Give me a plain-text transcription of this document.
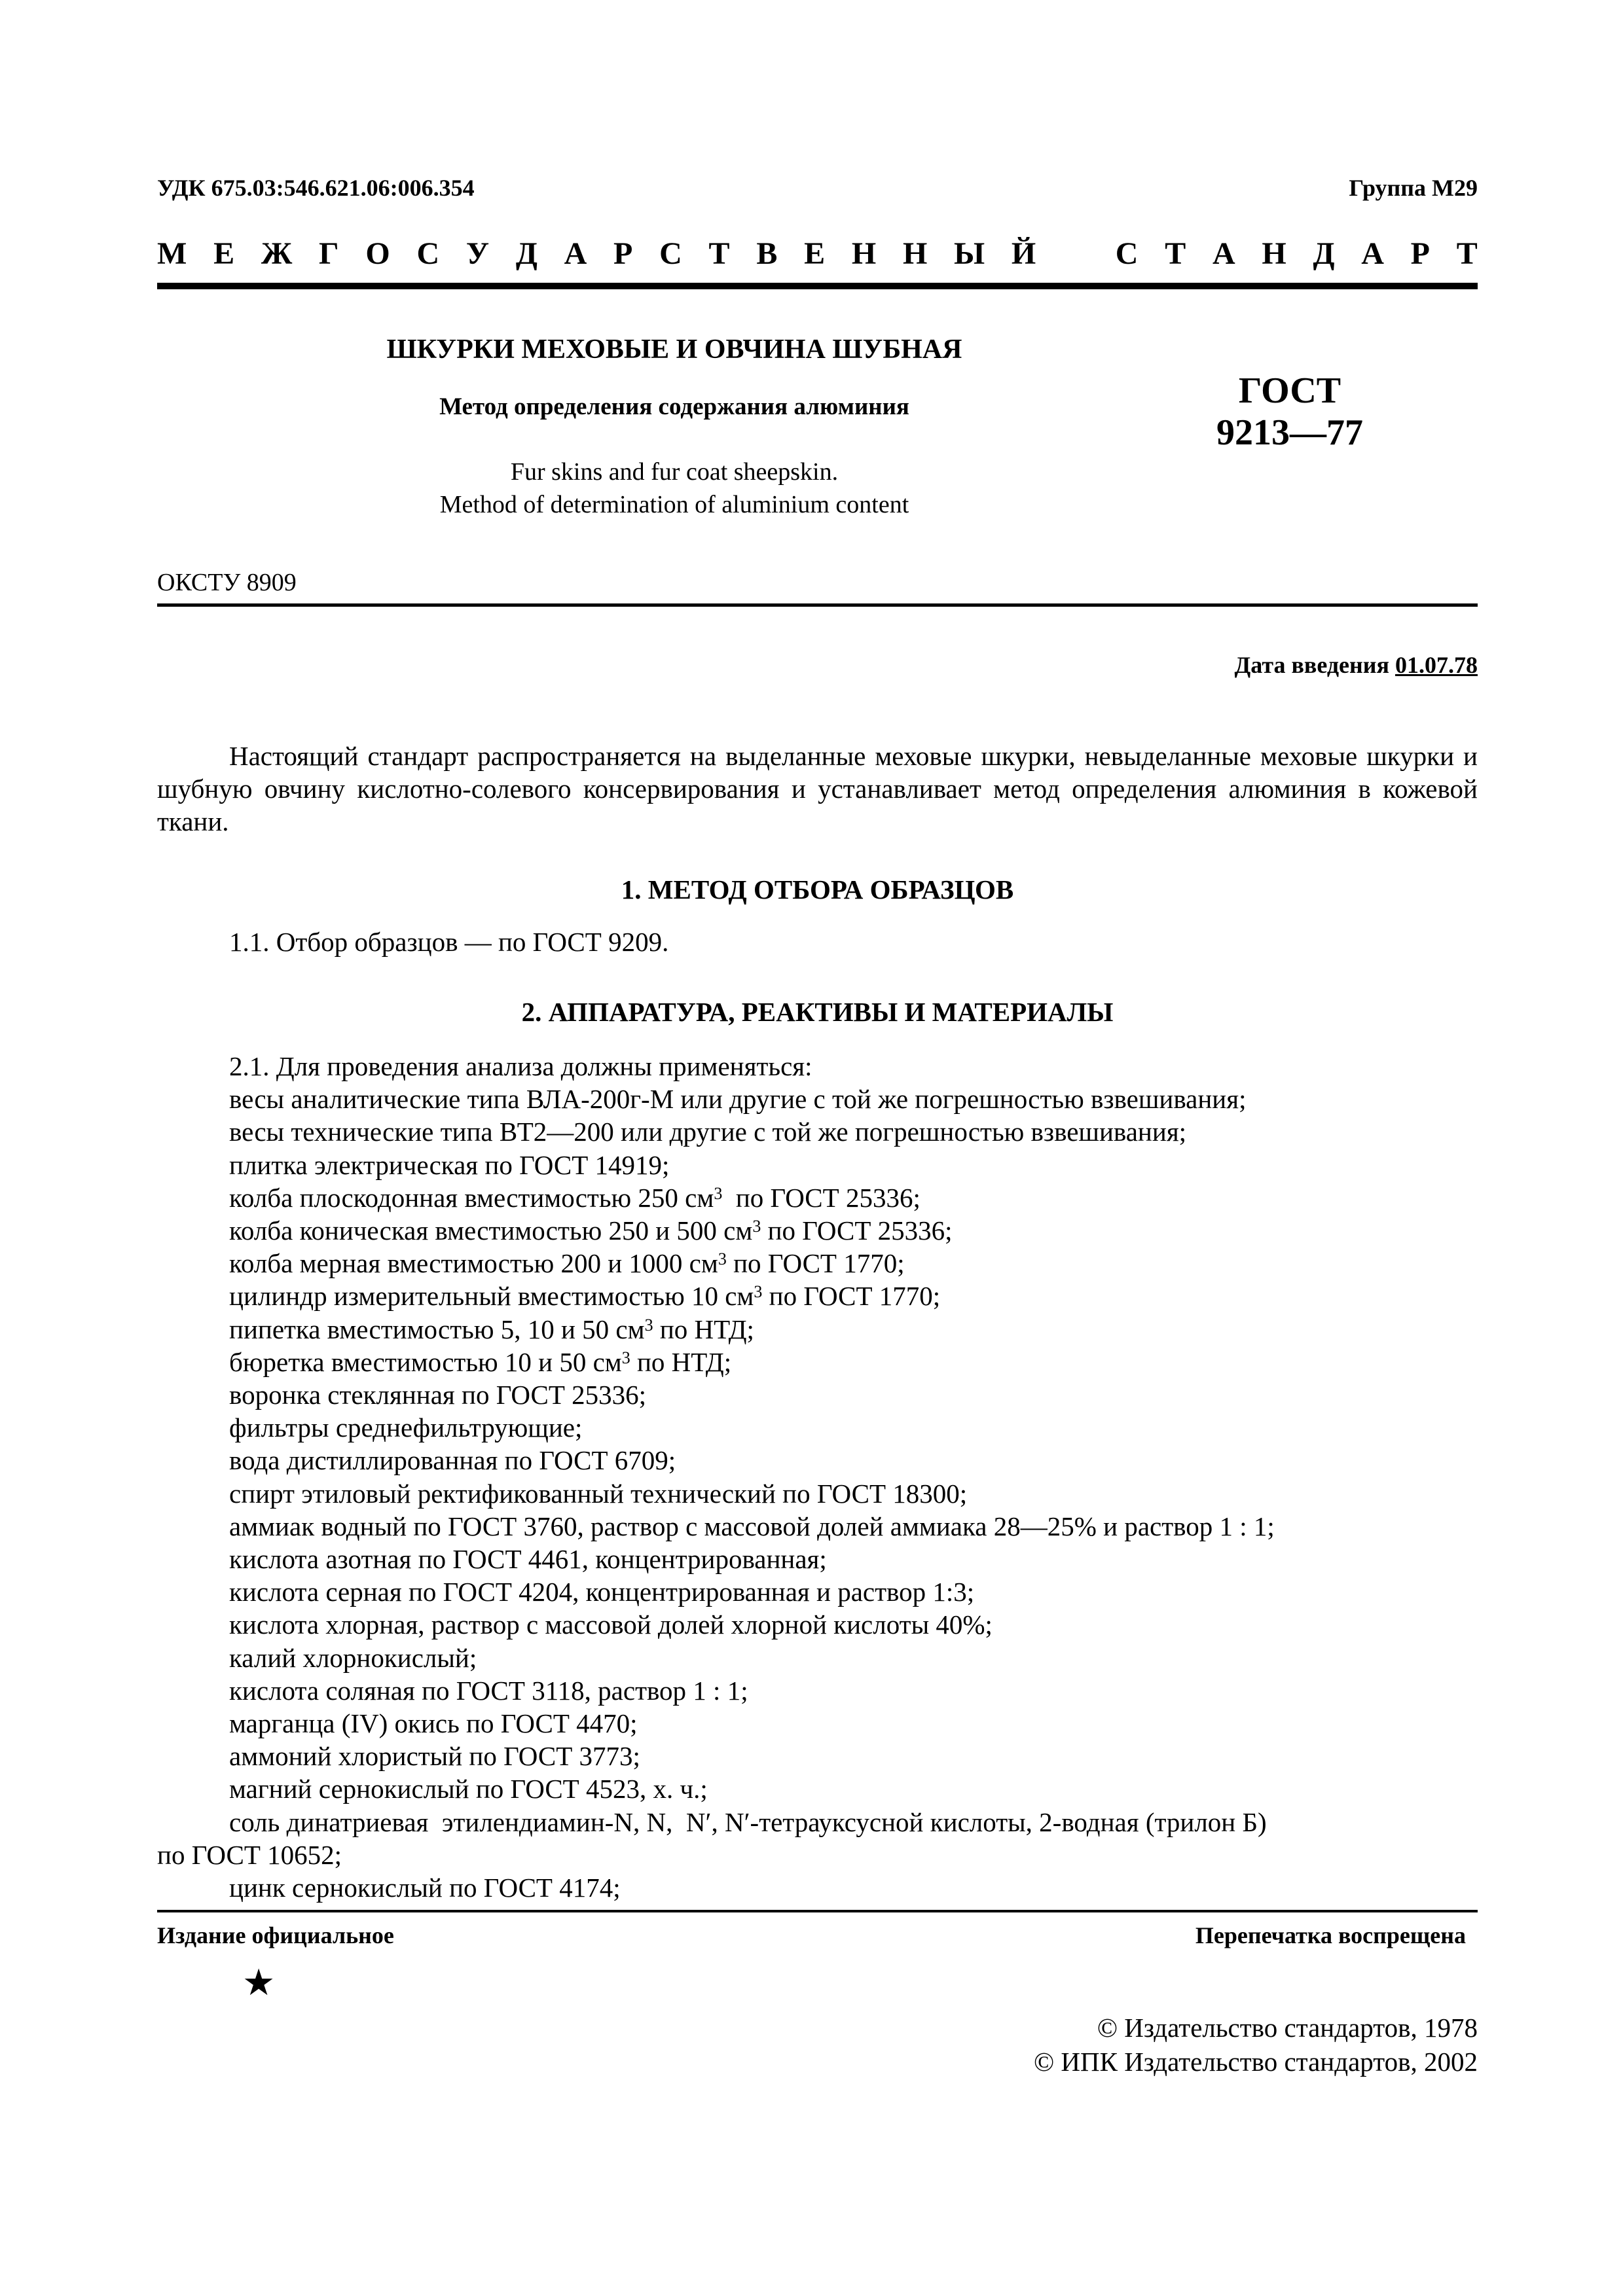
УДК 675.03:546.621.06:006.354	Группа М29
М Е Ж Г О С У Д А Р С Т В Е Н Н Ы Й	С Т А Н Д А Р Т
ШКУРКИ МЕХОВЫЕ И ОВЧИНА ШУБНАЯ
Метод определения содержания алюминия
Fur skins and fur coat sheepskin.
Method of determination of aluminium content
ГОСТ
9213—77
ОКСТУ 8909
Дата введения 01.07.78
Настоящий стандарт распространяется на выделанные меховые шкурки, невыделанные меховые шкурки и шубную овчину кислотно-солевого консервирования и устанавливает метод определения алюминия в кожевой ткани.
1. МЕТОД ОТБОРА ОБРАЗЦОВ
1.1. Отбор образцов — по ГОСТ 9209.
2. АППАРАТУРА, РЕАКТИВЫ И МАТЕРИАЛЫ
2.1. Для проведения анализа должны применяться:
весы аналитические типа ВЛА-200г-М или другие с той же погрешностью взвешивания;
весы технические типа ВТ2—200 или другие с той же погрешностью взвешивания;
плитка электрическая по ГОСТ 14919;
колба плоскодонная вместимостью 250 $см^3$  по ГОСТ 25336;
колба коническая вместимостью 250 и 500 $см^3$ по ГОСТ 25336;
колба мерная вместимостью 200 и 1000 $см^3$ по ГОСТ 1770;
цилиндр измерительный вместимостью 10 $см^3$ по ГОСТ 1770;
пипетка вместимостью 5, 10 и 50 $см^3$ по НТД;
бюретка вместимостью 10 и 50 $см^3$ по НТД;
воронка стеклянная по ГОСТ 25336;
фильтры среднефильтрующие;
вода дистиллированная по ГОСТ 6709;
спирт этиловый ректификованный технический по ГОСТ 18300;
аммиак водный по ГОСТ 3760, раствор с массовой долей аммиака 28—25% и раствор 1 : 1;
кислота азотная по ГОСТ 4461, концентрированная;
кислота серная по ГОСТ 4204, концентрированная и раствор 1:3;
кислота хлорная, раствор с массовой долей хлорной кислоты 40%;
калий хлорнокислый;
кислота соляная по ГОСТ 3118, раствор 1 : 1;
марганца (IV) окись по ГОСТ 4470;
аммоний хлористый по ГОСТ 3773;
магний сернокислый по ГОСТ 4523, х. ч.;
соль динатриевая  этилендиамин-N, N,  N′, N′-тетрауксусной кислоты, 2-водная (трилон Б)
по ГОСТ 10652;
цинк сернокислый по ГОСТ 4174;
Издание официальное	Перепечатка воспрещена
★
© Издательство стандартов, 1978
© ИПК Издательство стандартов, 2002
